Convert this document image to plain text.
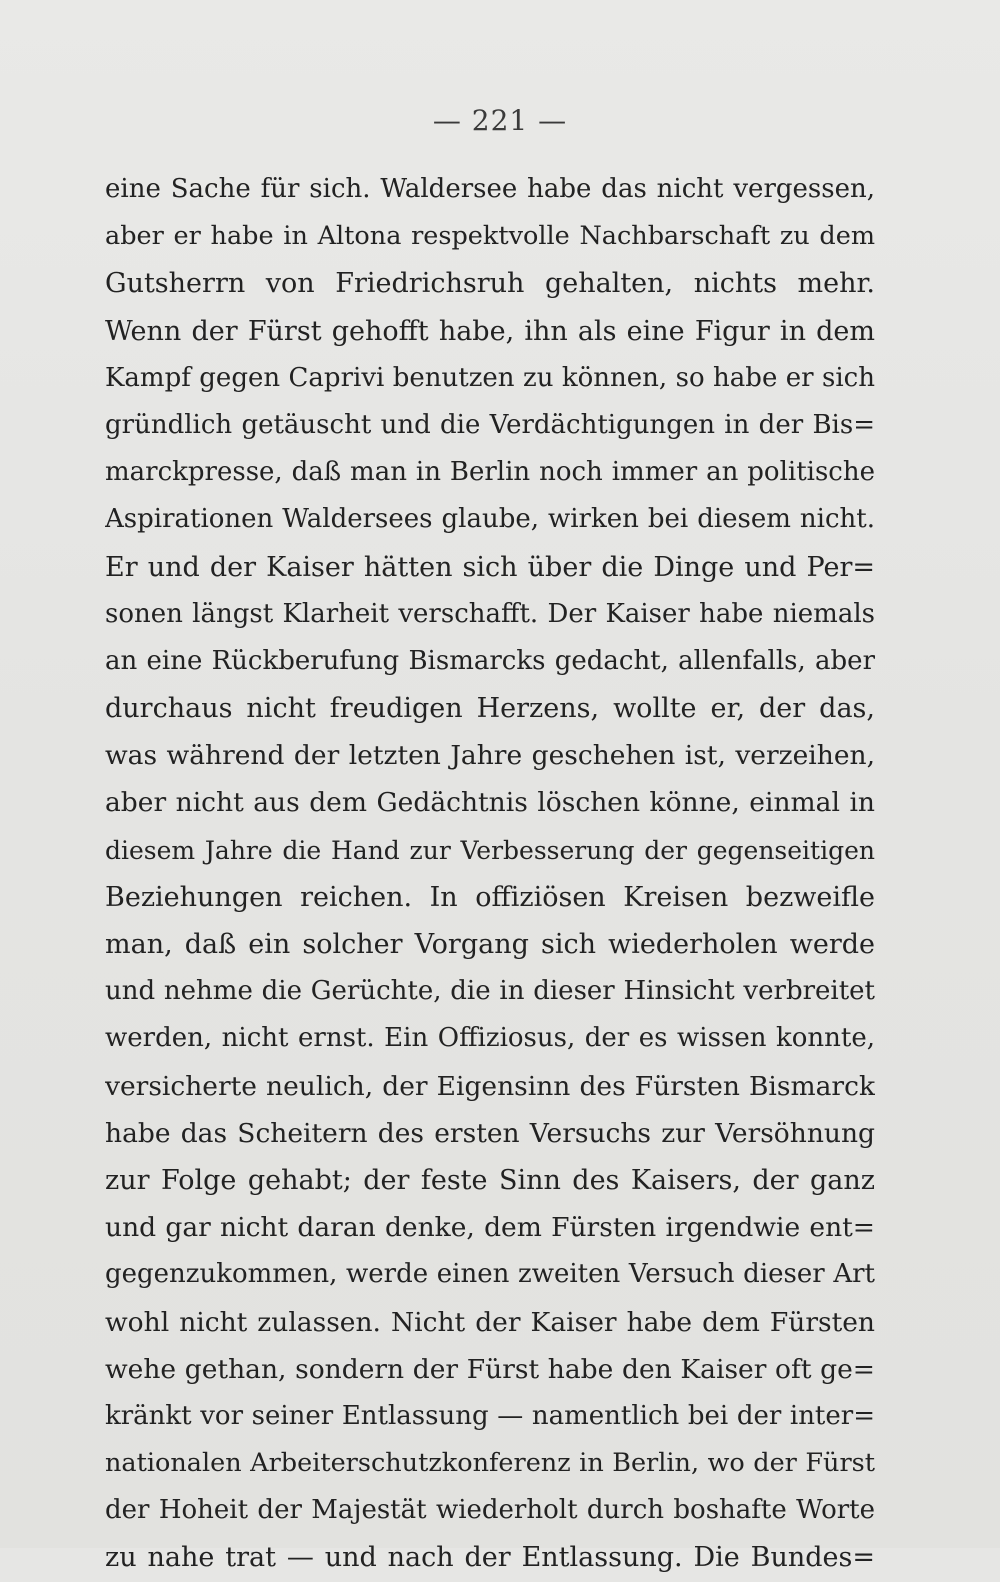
— 221 —
eine Sache für sich. Waldersee habe das nicht vergessen,
aber er habe in Altona respektvolle Nachbarschaft zu dem
Gutsherrn von Friedrichsruh gehalten, nichts mehr.
Wenn der Fürst gehofft habe, ihn als eine Figur in dem
Kampf gegen Caprivi benutzen zu können, so habe er sich
gründlich getäuscht und die Verdächtigungen in der Bis=
marckpresse, daß man in Berlin noch immer an politische
Aspirationen Waldersees glaube, wirken bei diesem nicht.
Er und der Kaiser hätten sich über die Dinge und Per=
sonen längst Klarheit verschafft. Der Kaiser habe niemals
an eine Rückberufung Bismarcks gedacht, allenfalls, aber
durchaus nicht freudigen Herzens, wollte er, der das,
was während der letzten Jahre geschehen ist, verzeihen,
aber nicht aus dem Gedächtnis löschen könne, einmal in
diesem Jahre die Hand zur Verbesserung der gegenseitigen
Beziehungen reichen. In offiziösen Kreisen bezweifle
man, daß ein solcher Vorgang sich wiederholen werde
und nehme die Gerüchte, die in dieser Hinsicht verbreitet
werden, nicht ernst. Ein Offiziosus, der es wissen konnte,
versicherte neulich, der Eigensinn des Fürsten Bismarck
habe das Scheitern des ersten Versuchs zur Versöhnung
zur Folge gehabt; der feste Sinn des Kaisers, der ganz
und gar nicht daran denke, dem Fürsten irgendwie ent=
gegenzukommen, werde einen zweiten Versuch dieser Art
wohl nicht zulassen. Nicht der Kaiser habe dem Fürsten
wehe gethan, sondern der Fürst habe den Kaiser oft ge=
kränkt vor seiner Entlassung — namentlich bei der inter=
nationalen Arbeiterschutzkonferenz in Berlin, wo der Fürst
der Hoheit der Majestät wiederholt durch boshafte Worte
zu nahe trat — und nach der Entlassung. Die Bundes=
